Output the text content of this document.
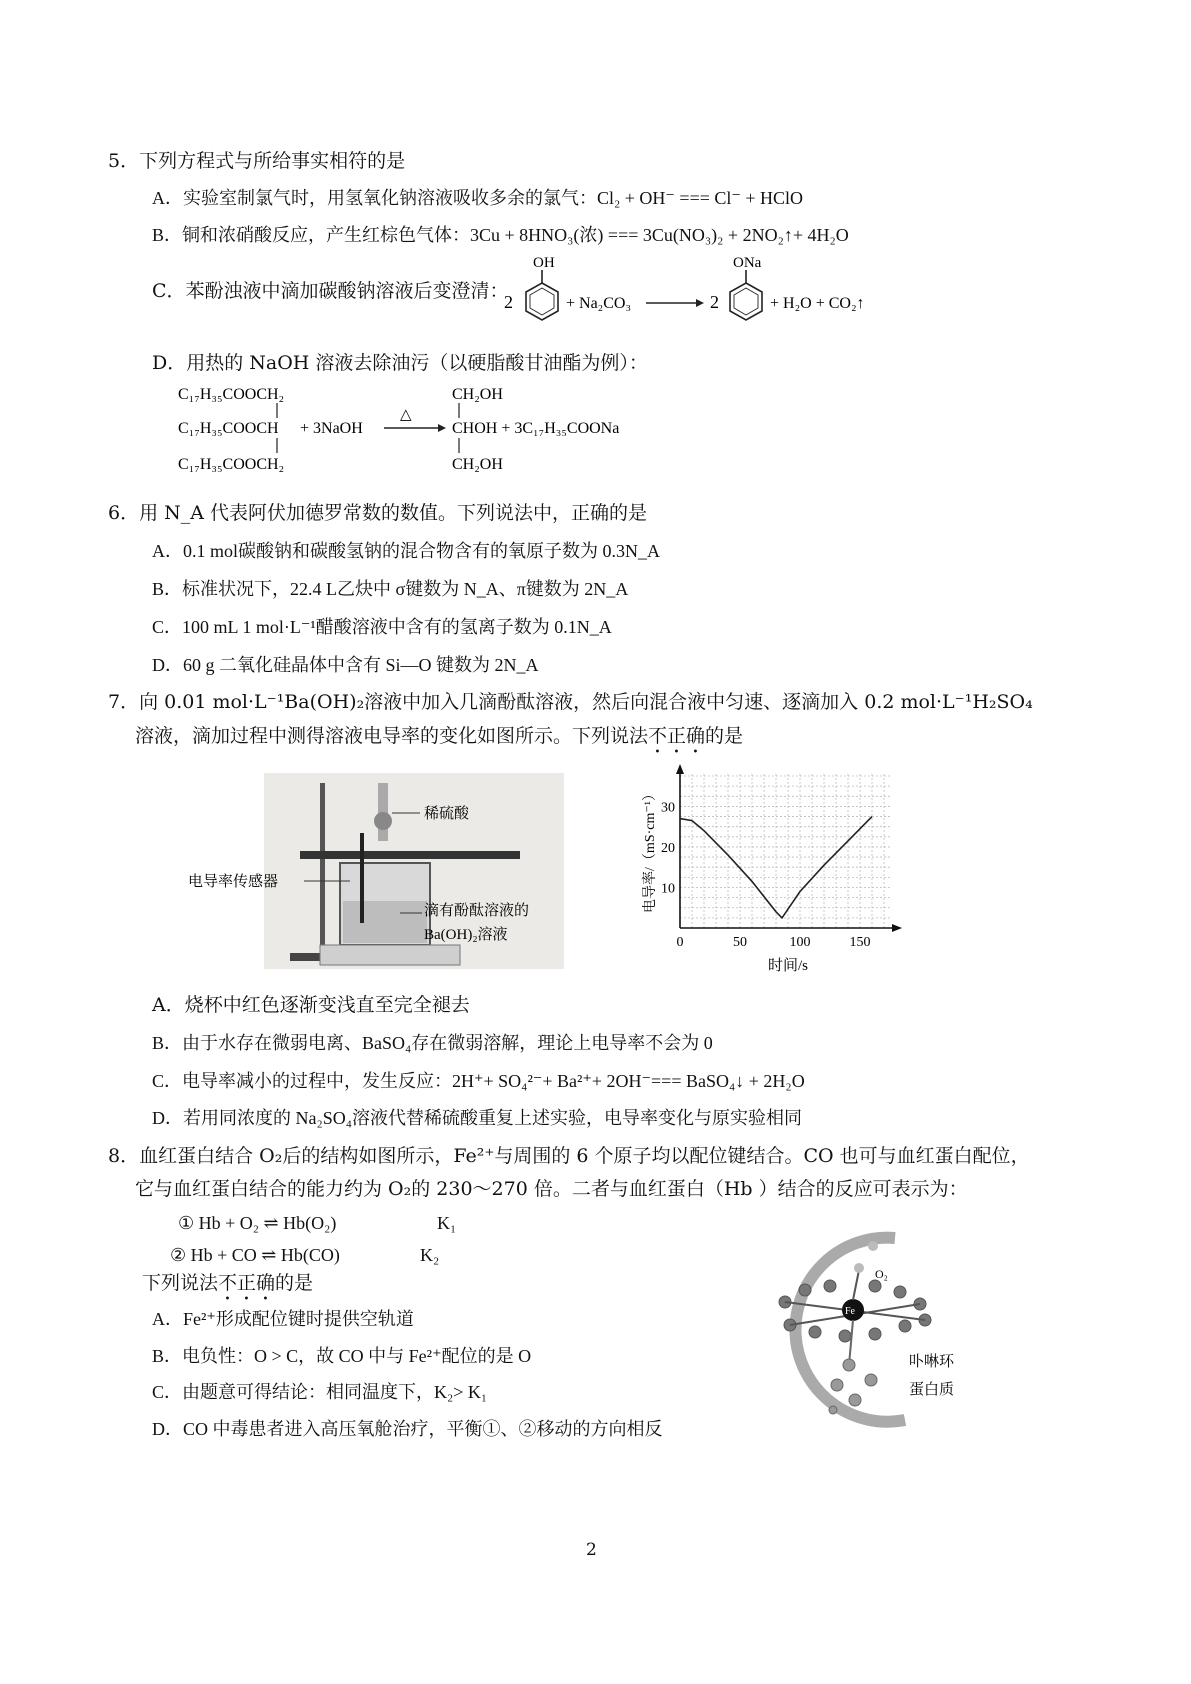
5．下列方程式与所给事实相符的是
A．实验室制氯气时，用氢氧化钠溶液吸收多余的氯气：Cl₂ + OH⁻ === Cl⁻ + HClO
B．铜和浓硝酸反应，产生红棕色气体：3Cu + 8HNO₃(浓) === 3Cu(NO₃)₂ + 2NO₂↑+ 4H₂O
C．苯酚浊液中滴加碳酸钠溶液后变澄清：
2
OH
+ Na₂CO₃	2
ONa
+ H₂O + CO₂↑
D．用热的 NaOH 溶液去除油污（以硬脂酸甘油酯为例）：
C₁₇H₃₅COOCH₂
C₁₇H₃₅COOCH
C₁₇H₃₅COOCH₂
+ 3NaOH
△
CH₂OH
CHOH + 3C₁₇H₃₅COONa
CH₂OH
6．用 N_A 代表阿伏加德罗常数的数值。下列说法中，正确的是
A．0.1 mol碳酸钠和碳酸氢钠的混合物含有的氧原子数为 0.3N_A
B．标准状况下，22.4 L乙炔中 σ键数为 N_A、π键数为 2N_A
C．100 mL 1 mol·L⁻¹醋酸溶液中含有的氢离子数为 0.1N_A
D．60 g 二氧化硅晶体中含有 Si—O 键数为 2N_A
7．向 0.01 mol·L⁻¹Ba(OH)₂溶液中加入几滴酚酞溶液，然后向混合液中匀速、逐滴加入 0.2 mol·L⁻¹H₂SO₄
溶液，滴加过程中测得溶液电导率的变化如图所示。下列说法不正确的是
稀硫酸
电导率传感器
滴有酚酞溶液的
Ba(OH)₂溶液
10
20
30
0	50	100	150
时间/s
电导率/（mS·cm⁻¹）
A．烧杯中红色逐渐变浅直至完全褪去
B．由于水存在微弱电离、BaSO₄存在微弱溶解，理论上电导率不会为 0
C．电导率减小的过程中，发生反应：2H⁺+ SO₄²⁻+ Ba²⁺+ 2OH⁻=== BaSO₄↓ + 2H₂O
D．若用同浓度的 Na₂SO₄溶液代替稀硫酸重复上述实验，电导率变化与原实验相同
8．血红蛋白结合 O₂后的结构如图所示，Fe²⁺与周围的 6 个原子均以配位键结合。CO 也可与血红蛋白配位，
它与血红蛋白结合的能力约为 O₂的 230～270 倍。二者与血红蛋白（Hb ）结合的反应可表示为：
① Hb + O₂ ⇌ Hb(O₂)	K₁
② Hb + CO ⇌ Hb(CO)	K₂
下列说法不正确的是
A．Fe²⁺形成配位键时提供空轨道
B．电负性：O > C，故 CO 中与 Fe²⁺配位的是 O
C．由题意可得结论：相同温度下，K₂> K₁
D．CO 中毒患者进入高压氧舱治疗，平衡①、②移动的方向相反
Fe
O₂
卟啉环
蛋白质
2
